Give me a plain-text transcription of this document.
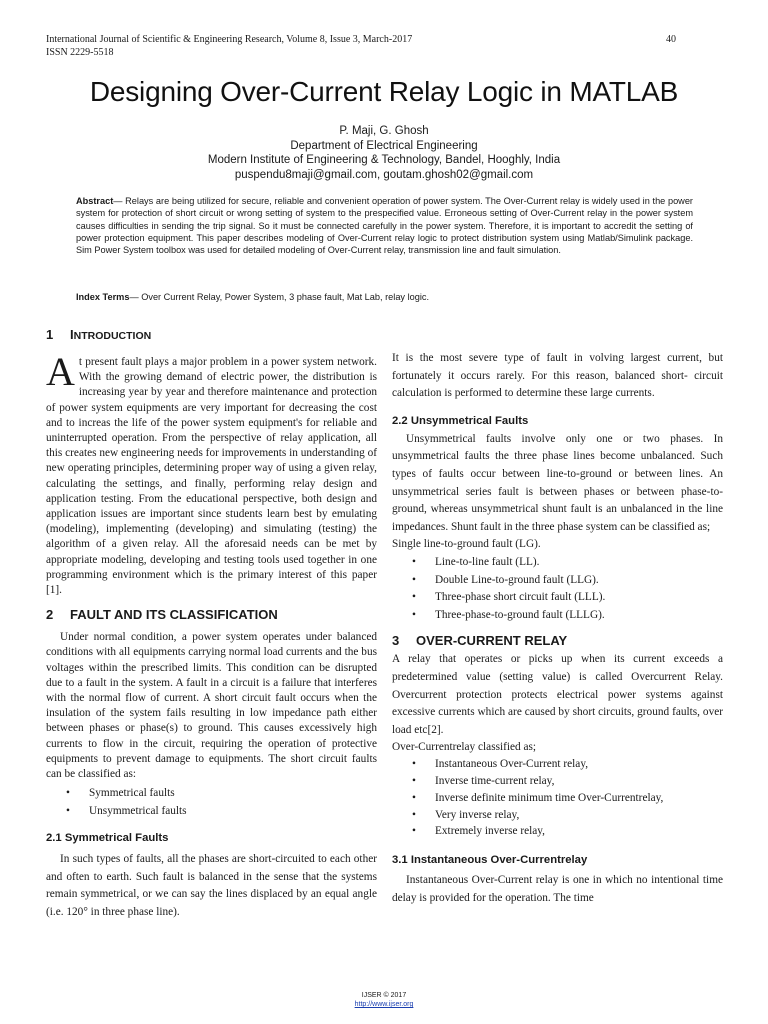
International Journal of Scientific & Engineering Research, Volume 8, Issue 3, March-2017
ISSN 2229-5518
40
Designing Over-Current Relay Logic in MATLAB
P. Maji, G. Ghosh
Department of Electrical Engineering
Modern Institute of Engineering & Technology, Bandel, Hooghly, India
puspendu8maji@gmail.com, goutam.ghosh02@gmail.com
Abstract— Relays are being utilized for secure, reliable and convenient operation of power system. The Over-Current relay is widely used in the power system for protection of short circuit or wrong setting of system to the prespecified value. Erroneous setting of Over-Current relay in the power system causes difficulties in sending the trip signal. So it must be connected carefully in the power system. Therefore, it is important to accredit the setting of power protection equipment. This paper describes modeling of Over-Current relay logic to protect distribution system using Matlab/Simulink package. Sim Power System toolbox was used for detailed modeling of Over-Current relay, transmission line and fault simulation.
Index Terms— Over Current Relay, Power System, 3 phase fault, Mat Lab, relay logic.
1 INTRODUCTION

At present fault plays a major problem in a power system network. With the growing demand of electric power, the distribution is increasing year by year and therefore maintenance and protection of power system equipments are very important for decreasing the cost and to increas the life of the power system equipment's for reliable and uninterrupted operation. From the perspective of relay application, all this creates new engineering needs for improvements in understanding of new operating principles, determining proper way of using a given relay, calculating the settings, and finally, performing relay design and application testing. From the educational perspective, both design and application issues are important since students learn best by emulating (modeling), implementing (developing) and simulating (testing) the algorithm of a given relay. All the aforesaid needs can be met by appropriate modeling, developing and testing tools used together in one programming environment which is the primary interest of this paper [1].

2 FAULT AND ITS CLASSIFICATION

Under normal condition, a power system operates under balanced conditions with all equipments carrying normal load currents and the bus voltages within the prescribed limits. This condition can be disrupted due to a fault in the system. A fault in a circuit is a failure that interferes with the normal flow of current. A short circuit fault occurs when the insulation of the system fails resulting in low impedance path either between phases or phase(s) to ground. This causes excessively high currents to flow in the circuit, requiring the operation of protective equipments to prevent damage to equipments. The short circuit faults can be classified as:

• Symmetrical faults
• Unsymmetrical faults
2.1 Symmetrical Faults

In such types of faults, all the phases are short-circuited to each other and often to earth. Such fault is balanced in the sense that the systems remain symmetrical, or we can say the lines displaced by an equal angle (i.e. 120° in three phase line).

It is the most severe type of fault in volving largest current, but fortunately it occurs rarely. For this reason, balanced short- circuit calculation is performed to determine these large currents.

2.2 Unsymmetrical Faults

Unsymmetrical faults involve only one or two phases. In unsymmetrical faults the three phase lines become unbalanced. Such types of faults occur between line-to-ground or between lines. An unsymmetrical series fault is between phases or between phase-to-ground, whereas unsymmetrical shunt fault is an unbalanced in the line impedances. Shunt fault in the three phase system can be classified as;

Single line-to-ground fault (LG).

• Line-to-line fault (LL).
• Double Line-to-ground fault (LLG).
• Three-phase short circuit fault (LLL).
• Three-phase-to-ground fault (LLLG).
3 OVER-CURRENT RELAY

A relay that operates or picks up when its current exceeds a predetermined value (setting value) is called Overcurrent Relay. Overcurrent protection protects electrical power systems against excessive currents which are caused by short circuits, ground faults, over load etc[2].

Over-Currentrelay classified as;

• Instantaneous Over-Current relay,
• Inverse time-current relay,
• Inverse definite minimum time Over-Currentrelay,
• Very inverse relay,
• Extremely inverse relay,
3.1 Instantaneous Over-Currentrelay

Instantaneous Over-Current relay is one in which no intentional time delay is provided for the operation. The time

IJSER © 2017
http://www.ijser.org
